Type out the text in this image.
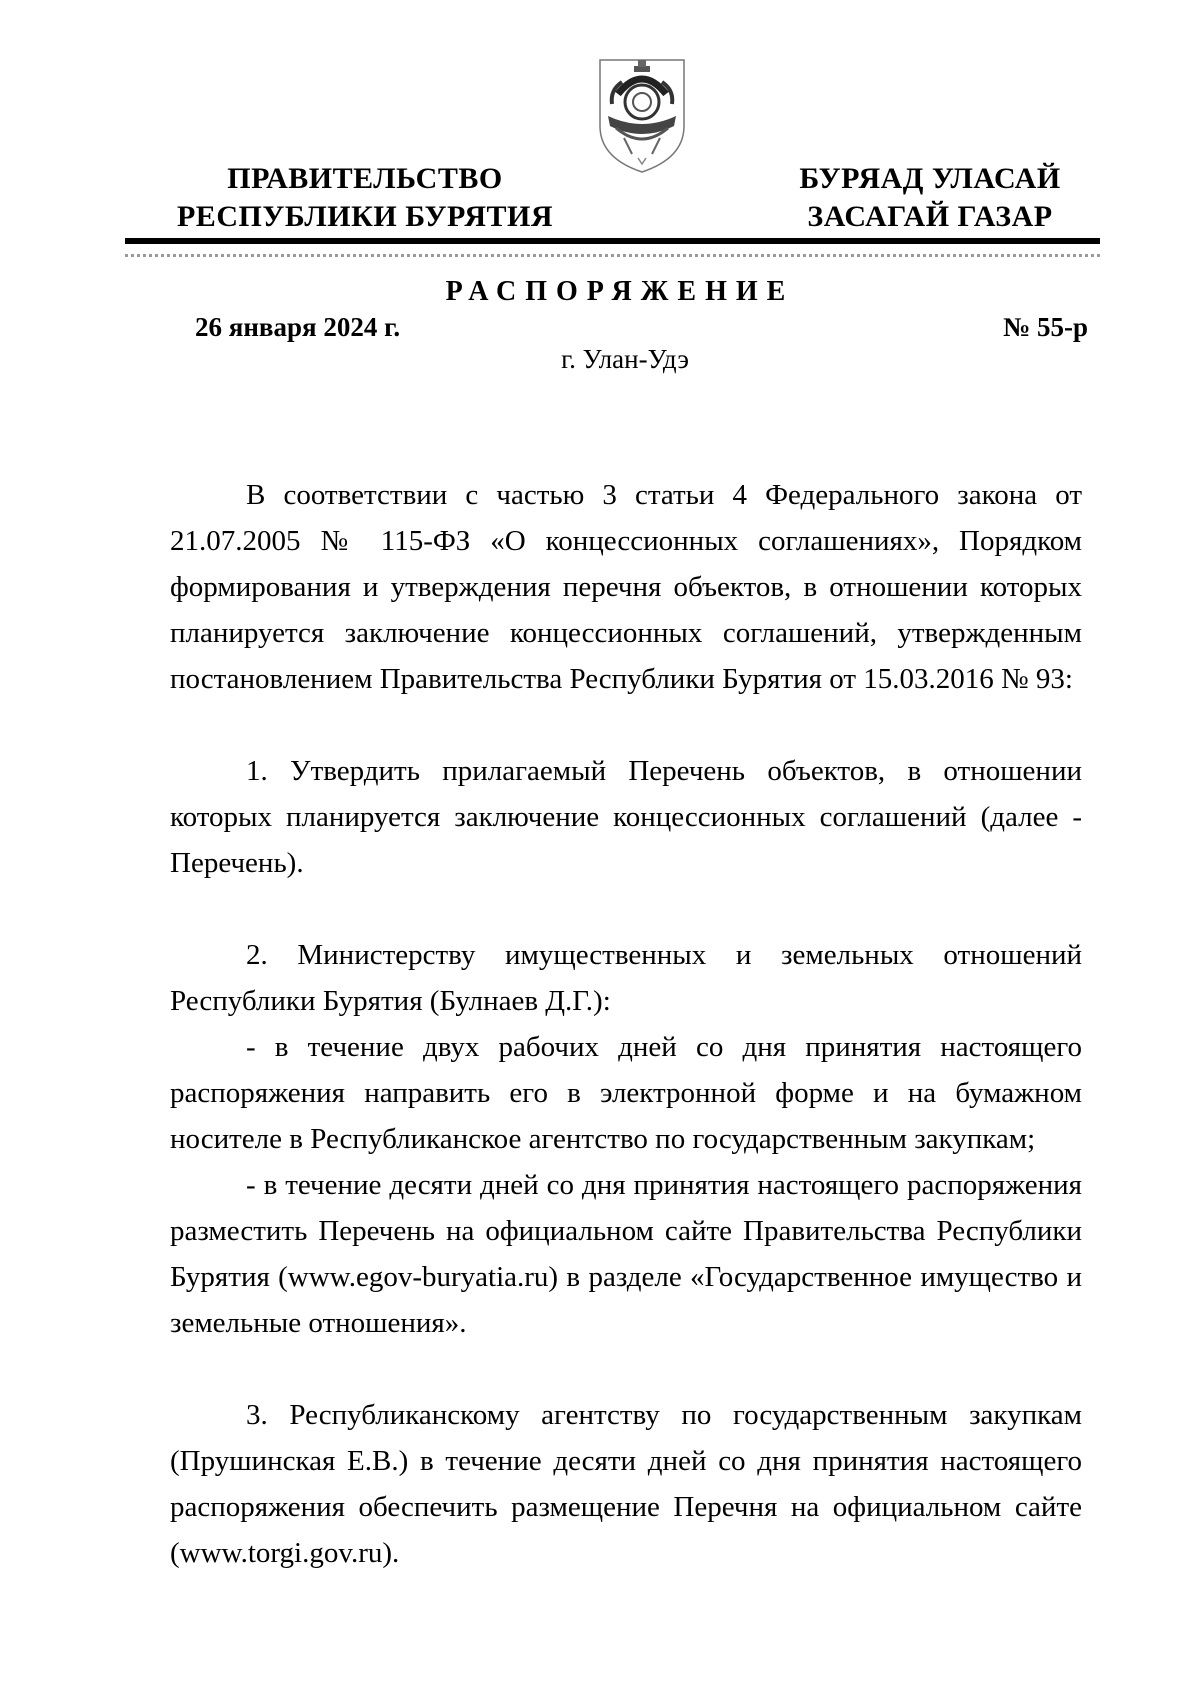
ПРАВИТЕЛЬСТВО
РЕСПУБЛИКИ БУРЯТИЯ
БУРЯАД УЛАСАЙ
ЗАСАГАЙ ГАЗАР
РАСПОРЯЖЕНИЕ
26 января 2024 г.	№ 55-р
г. Улан-Удэ

В соответствии с частью 3 статьи 4 Федерального закона от 21.07.2005 № 115-ФЗ «О концессионных соглашениях», Порядком формирования и утверждения перечня объектов, в отношении которых планируется заключение концессионных соглашений, утвержденным постановлением Правительства Республики Бурятия от 15.03.2016 № 93:

1. Утвердить прилагаемый Перечень объектов, в отношении которых планируется заключение концессионных соглашений (далее - Перечень).

2. Министерству имущественных и земельных отношений Республики Бурятия (Булнаев Д.Г.):

- в течение двух рабочих дней со дня принятия настоящего распоряжения направить его в электронной форме и на бумажном носителе в Республиканское агентство по государственным закупкам;

- в течение десяти дней со дня принятия настоящего распоряжения разместить Перечень на официальном сайте Правительства Республики Бурятия (www.egov-buryatia.ru) в разделе «Государственное имущество и земельные отношения».

3. Республиканскому агентству по государственным закупкам (Прушинская Е.В.) в течение десяти дней со дня принятия настоящего распоряжения обеспечить размещение Перечня на официальном сайте (www.torgi.gov.ru).
